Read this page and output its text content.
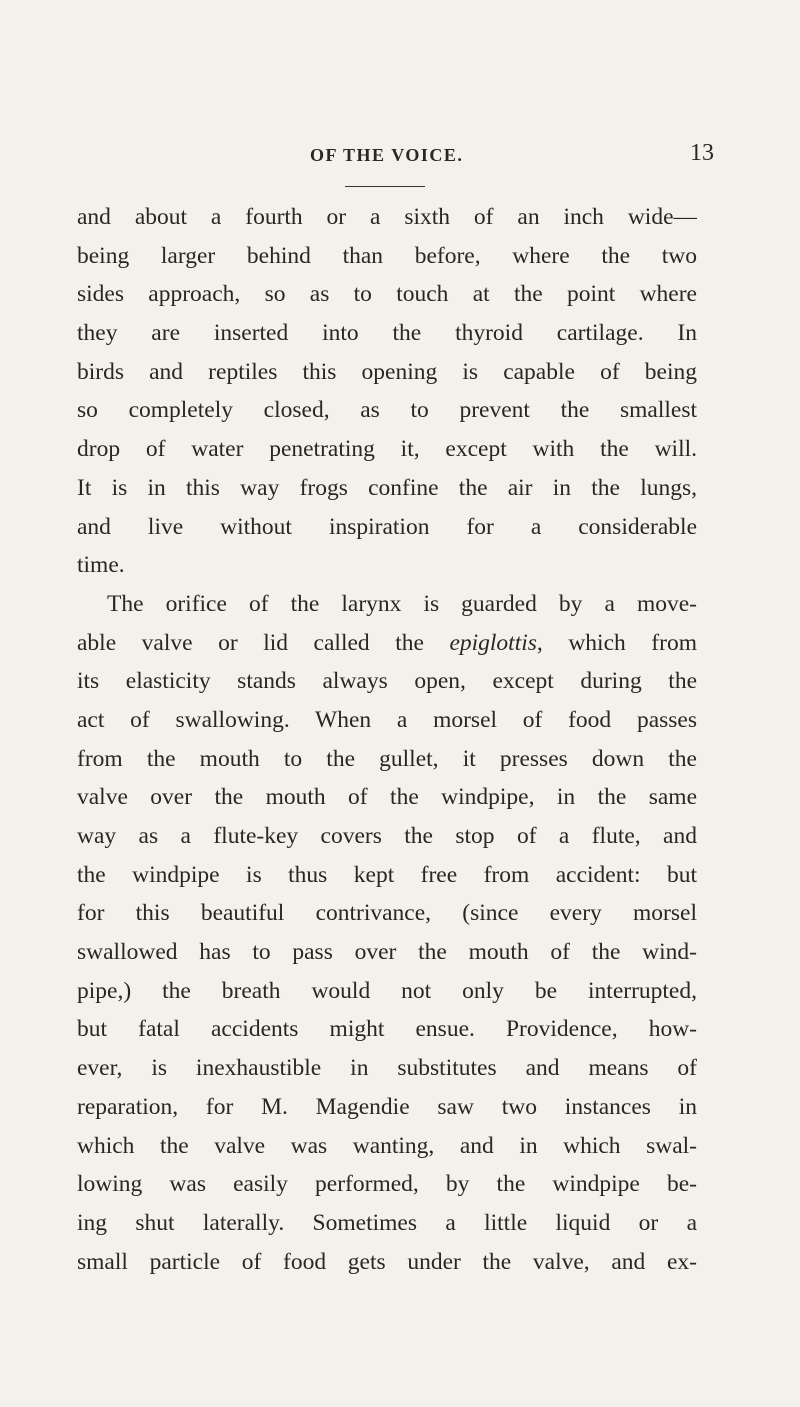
OF THE VOICE.	13
and about a fourth or a sixth of an inch wide—
being larger behind than before, where the two
sides approach, so as to touch at the point where
they are inserted into the thyroid cartilage. In
birds and reptiles this opening is capable of being
so completely closed, as to prevent the smallest
drop of water penetrating it, except with the will.
It is in this way frogs confine the air in the lungs,
and live without inspiration for a considerable
time.
The orifice of the larynx is guarded by a move-
able valve or lid called the epiglottis, which from
its elasticity stands always open, except during the
act of swallowing. When a morsel of food passes
from the mouth to the gullet, it presses down the
valve over the mouth of the windpipe, in the same
way as a flute-key covers the stop of a flute, and
the windpipe is thus kept free from accident: but
for this beautiful contrivance, (since every morsel
swallowed has to pass over the mouth of the wind-
pipe,) the breath would not only be interrupted,
but fatal accidents might ensue. Providence, how-
ever, is inexhaustible in substitutes and means of
reparation, for M. Magendie saw two instances in
which the valve was wanting, and in which swal-
lowing was easily performed, by the windpipe be-
ing shut laterally. Sometimes a little liquid or a
small particle of food gets under the valve, and ex-
